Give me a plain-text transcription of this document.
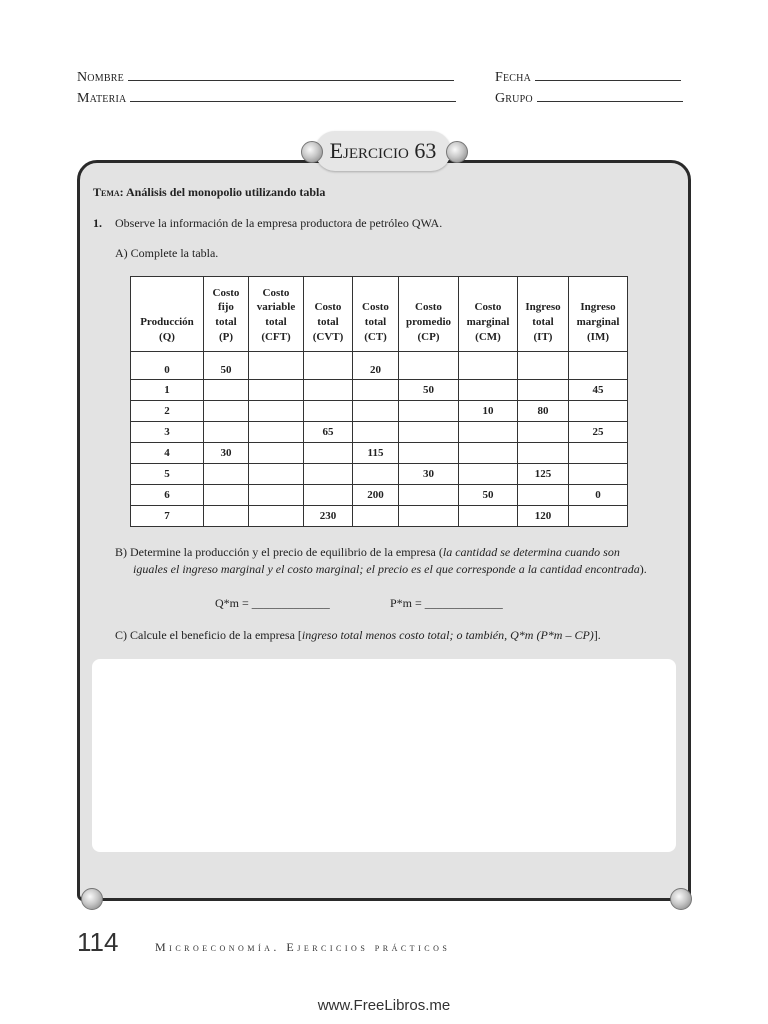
Nombre
Materia
Fecha
Grupo
Ejercicio 63
Tema: Análisis del monopolio utilizando tabla
1. Observe la información de la empresa productora de petróleo QWA.
A) Complete la tabla.
Producción
(Q)	Costo
fijo
total
(P)	Costo
variable
total
(CFT)	Costo
total
(CVT)	Costo
total
(CT)	Costo
promedio
(CP)	Costo
marginal
(CM)	Ingreso
total
(IT)	Ingreso
marginal
(IM)
0	50			20				
1					50			45
2						10	80	
3			65					25
4	30			115				
5					30		125	
6				200		50		0
7			230				120	
B) Determine la producción y el precio de equilibrio de la empresa (la cantidad se determina cuando son
iguales el ingreso marginal y el costo marginal; el precio es el que corresponde a la cantidad encontrada).
Q*m = _____________	P*m = _____________
C) Calcule el beneficio de la empresa [ingreso total menos costo total; o también, Q*m (P*m – CP)].
114	Microeconomía. Ejercicios prácticos
www.FreeLibros.me
